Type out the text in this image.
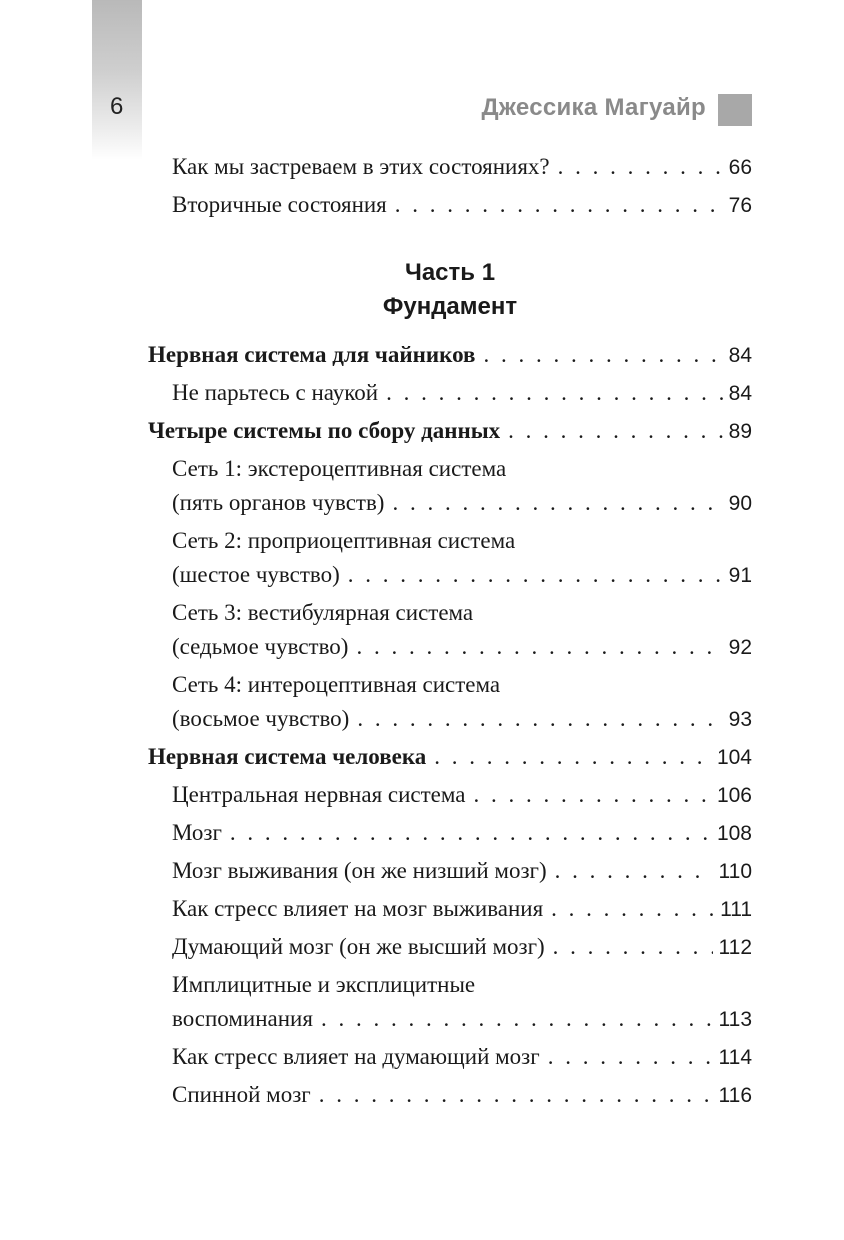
6	Джессика Магуайр
Как мы застреваем в этих состояниях? . . .	66
Вторичные состояния . . .	76
Часть 1
Фундамент
Нервная система для чайников . . .	84
Не парьтесь с наукой . . .	84
Четыре системы по сбору данных . . .	89
Сеть 1: экстероцептивная система
(пять органов чувств) . . .	90
Сеть 2: проприоцептивная система
(шестое чувство) . . .	91
Сеть 3: вестибулярная система
(седьмое чувство) . . .	92
Сеть 4: интероцептивная система
(восьмое чувство) . . .	93
Нервная система человека . . .	104
Центральная нервная система . . .	106
Мозг . . .	108
Мозг выживания (он же низший мозг) . . .	110
Как стресс влияет на мозг выживания . . .	111
Думающий мозг (он же высший мозг) . . .	112
Имплицитные и эксплицитные
воспоминания . . .	113
Как стресс влияет на думающий мозг . . .	114
Спинной мозг . . .	116
